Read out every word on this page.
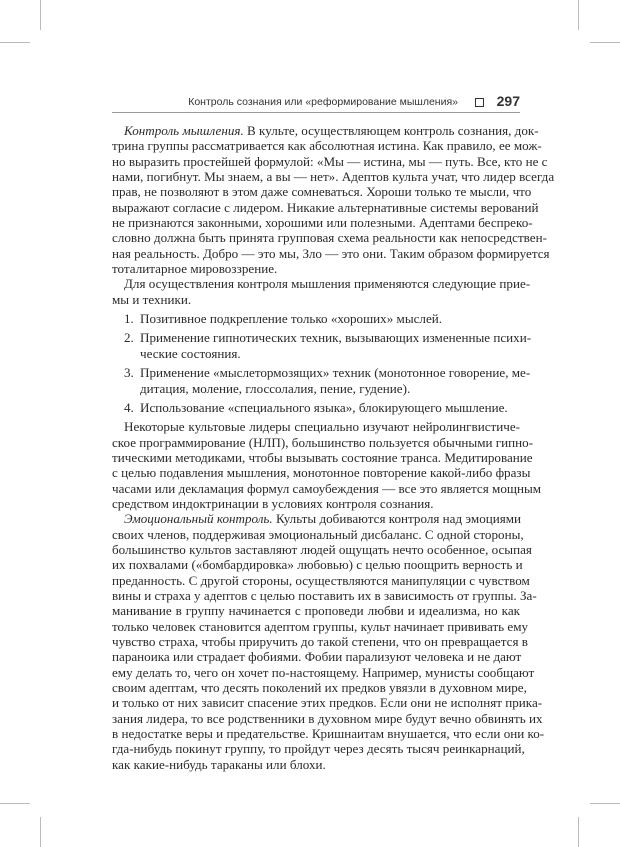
Контроль сознания или «реформирование мышления»	297
Контроль мышления. В культе, осуществляющем контроль сознания, док-
трина группы рассматривается как абсолютная истина. Как правило, ее мож-
но выразить простейшей формулой: «Мы — истина, мы — путь. Все, кто не с
нами, погибнут. Мы знаем, а вы — нет». Адептов культа учат, что лидер всегда
прав, не позволяют в этом даже сомневаться. Хороши только те мысли, что
выражают согласие с лидером. Никакие альтернативные системы верований
не признаются законными, хорошими или полезными. Адептами беспреко-
словно должна быть принята групповая схема реальности как непосредствен-
ная реальность. Добро — это мы, Зло — это они. Таким образом формируется
тоталитарное мировоззрение.
Для осуществления контроля мышления применяются следующие прие-
мы и техники.
1. Позитивное подкрепление только «хороших» мыслей.
2. Применение гипнотических техник, вызывающих измененные психи-
ческие состояния.
3. Применение «мыслетормозящих» техник (монотонное говорение, ме-
дитация, моление, глоссолалия, пение, гудение).
4. Использование «специального языка», блокирующего мышление.
Некоторые культовые лидеры специально изучают нейролингвистиче-
ское программирование (НЛП), большинство пользуется обычными гипно-
тическими методиками, чтобы вызывать состояние транса. Медитирование
с целью подавления мышления, монотонное повторение какой-либо фразы
часами или декламация формул самоубеждения — все это является мощным
средством индоктринации в условиях контроля сознания.
Эмоциональный контроль. Культы добиваются контроля над эмоциями
своих членов, поддерживая эмоциональный дисбаланс. С одной стороны,
большинство культов заставляют людей ощущать нечто особенное, осыпая
их похвалами («бомбардировка» любовью) с целью поощрить верность и
преданность. С другой стороны, осуществляются манипуляции с чувством
вины и страха у адептов с целью поставить их в зависимость от группы. За-
манивание в группу начинается с проповеди любви и идеализма, но как
только человек становится адептом группы, культ начинает прививать ему
чувство страха, чтобы приручить до такой степени, что он превращается в
параноика или страдает фобиями. Фобии парализуют человека и не дают
ему делать то, чего он хочет по-настоящему. Например, мунисты сообщают
своим адептам, что десять поколений их предков увязли в духовном мире,
и только от них зависит спасение этих предков. Если они не исполнят прика-
зания лидера, то все родственники в духовном мире будут вечно обвинять их
в недостатке веры и предательстве. Кришнаитам внушается, что если они ко-
гда-нибудь покинут группу, то пройдут через десять тысяч реинкарнаций,
как какие-нибудь тараканы или блохи.
